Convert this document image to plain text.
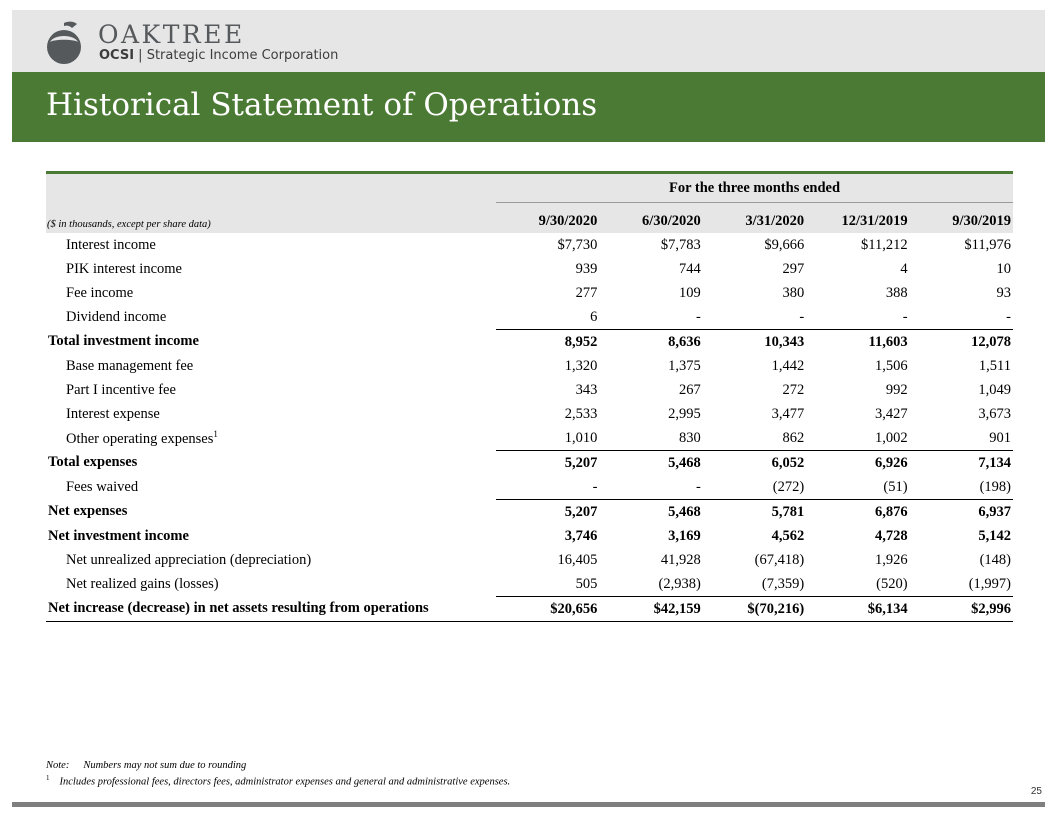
OAKTREE
OCSI | Strategic Income Corporation
Historical Statement of Operations
	For the three months ended				
($ in thousands, except per share data)	9/30/2020	6/30/2020	3/31/2020	12/31/2019	9/30/2019
Interest income	$7,730	$7,783	$9,666	$11,212	$11,976
PIK interest income	939	744	297	4	10
Fee income	277	109	380	388	93
Dividend income	6	-	-	-	-
Total investment income	8,952	8,636	10,343	11,603	12,078
Base management fee	1,320	1,375	1,442	1,506	1,511
Part I incentive fee	343	267	272	992	1,049
Interest expense	2,533	2,995	3,477	3,427	3,673
Other operating expenses$^1$	1,010	830	862	1,002	901
Total expenses	5,207	5,468	6,052	6,926	7,134
Fees waived	-	-	(272)	(51)	(198)
Net expenses	5,207	5,468	5,781	6,876	6,937
Net investment income	3,746	3,169	4,562	4,728	5,142
Net unrealized appreciation (depreciation)	16,405	41,928	(67,418)	1,926	(148)
Net realized gains (losses)	505	(2,938)	(7,359)	(520)	(1,997)
Net increase (decrease) in net assets resulting from operations	$20,656	$42,159	$(70,216)	$6,134	$2,996
Note: Numbers may not sum due to rounding
$^1$ Includes professional fees, directors fees, administrator expenses and general and administrative expenses.
25
